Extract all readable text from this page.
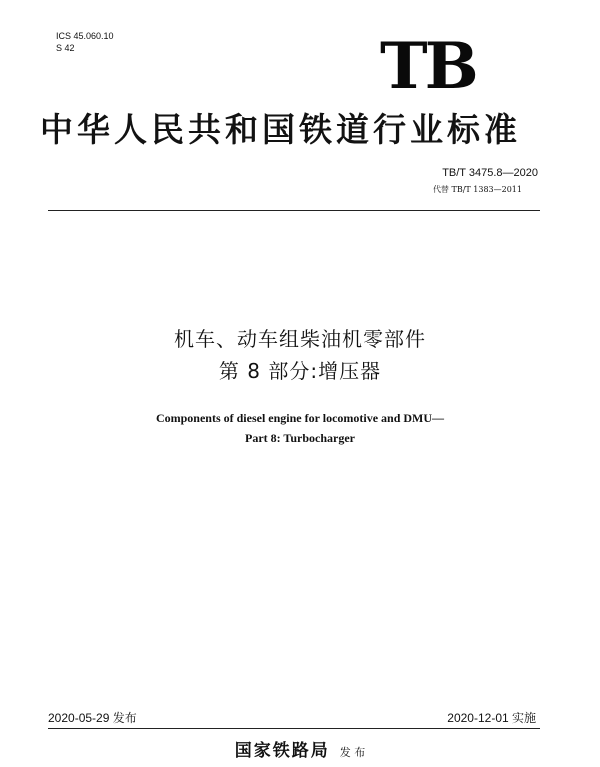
ICS 45.060.10
S 42	TB
中华人民共和国铁道行业标准
TB/T 3475.8—2020
代替 TB/T 1383—2011
机车、动车组柴油机零部件
第 8 部分:增压器
Components of diesel engine for locomotive and DMU—
Part 8: Turbocharger
2020-05-29 发布	2020-12-01 实施
国家铁路局 发 布
